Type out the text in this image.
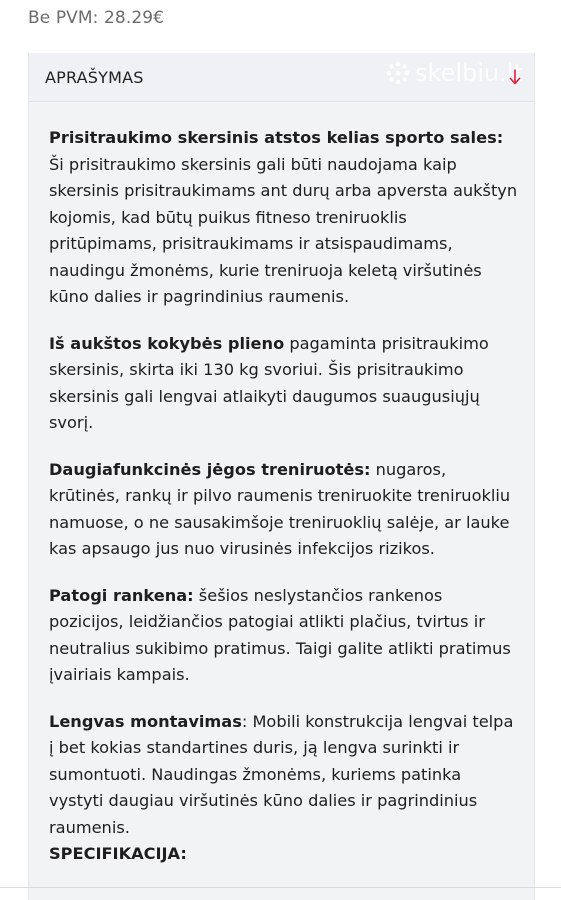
Be PVM: 28.29€
APRAŠYMAS	skelbiu.lt

Prisitraukimo skersinis atstos kelias sporto sales: Ši prisitraukimo skersinis gali būti naudojama kaip skersinis prisitraukimams ant durų arba apversta aukštyn kojomis, kad būtų puikus fitneso treniruoklis pritūpimams, prisitraukimams ir atsispaudimams, naudingu žmonėms, kurie treniruoja keletą viršutinės kūno dalies ir pagrindinius raumenis.

Iš aukštos kokybės plieno pagaminta prisitraukimo skersinis, skirta iki 130 kg svoriui. Šis prisitraukimo skersinis gali lengvai atlaikyti daugumos suaugusiųjų svorį.

Daugiafunkcinės jėgos treniruotės: nugaros, krūtinės, rankų ir pilvo raumenis treniruokite treniruokliu namuose, o ne sausakimšoje treniruoklių salėje, ar lauke kas apsaugo jus nuo virusinės infekcijos rizikos.

Patogi rankena: šešios neslystančios rankenos pozicijos, leidžiančios patogiai atlikti plačius, tvirtus ir neutralius sukibimo pratimus. Taigi galite atlikti pratimus įvairiais kampais.

Lengvas montavimas: Mobili konstrukcija lengvai telpa į bet kokias standartines duris, ją lengva surinkti ir sumontuoti. Naudingas žmonėms, kuriems patinka vystyti daugiau viršutinės kūno dalies ir pagrindinius raumenis.

SPECIFIKACIJA:
